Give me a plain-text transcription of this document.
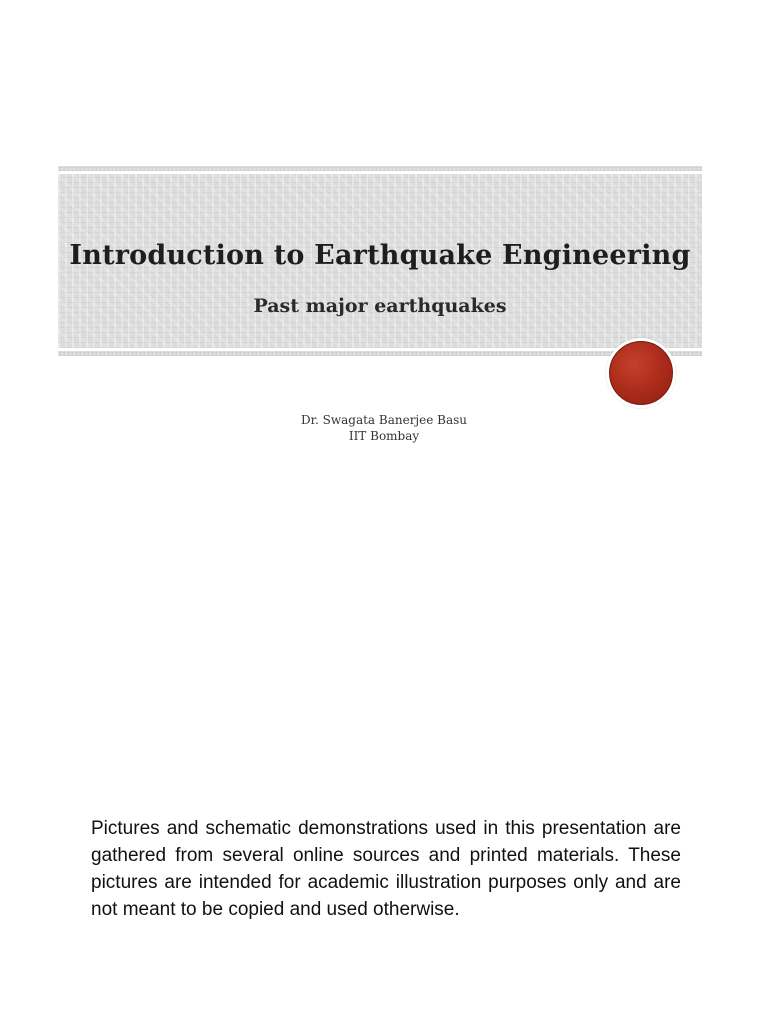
Introduction to Earthquake Engineering
Past major earthquakes
Dr. Swagata Banerjee Basu
IIT Bombay

Pictures and schematic demonstrations used in this presentation are gathered from several online sources and printed materials. These pictures are intended for academic illustration purposes only and are not meant to be copied and used otherwise.
